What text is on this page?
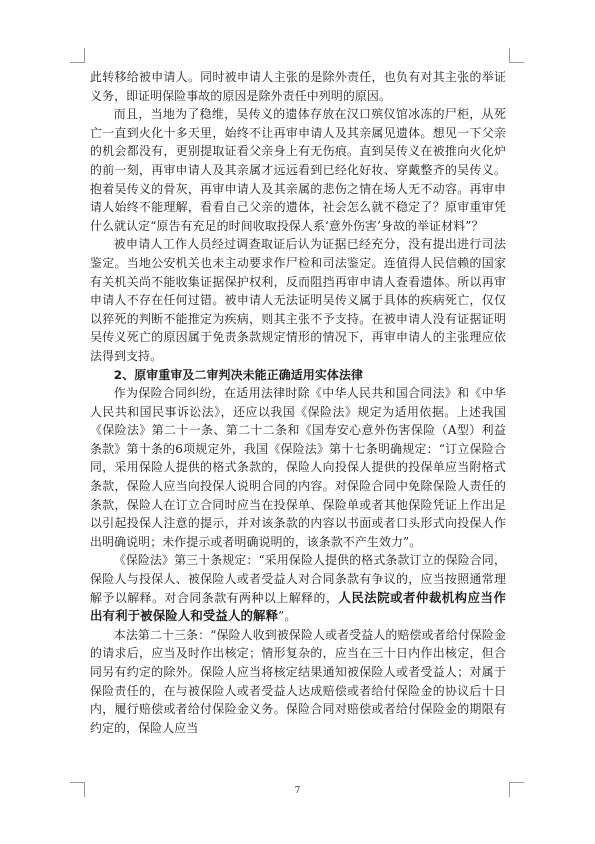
此转移给被申请人。同时被申请人主张的是除外责任，也负有对其主张的举证义务，即证明保险事故的原因是除外责任中列明的原因。

而且，当地为了稳维，吴传义的遗体存放在汉口殡仪馆冰冻的尸柜，从死亡一直到火化十多天里，始终不让再审申请人及其亲属见遗体。想见一下父亲的机会都没有，更别提取证看父亲身上有无伤痕。直到吴传义在被推向火化炉的前一刻，再审申请人及其亲属才远远看到已经化好妆、穿戴整齐的吴传义。抱着吴传义的骨灰，再审申请人及其亲属的悲伤之情在场人无不动容。再审申请人始终不能理解，看看自己父亲的遗体，社会怎么就不稳定了？原审重审凭什么就认定“原告有充足的时间收取投保人系‘意外伤害’身故的举证材料”？

被申请人工作人员经过调查取证后认为证据已经充分，没有提出进行司法鉴定。当地公安机关也未主动要求作尸检和司法鉴定。连值得人民信赖的国家有关机关尚不能收集证据保护权利，反而阻挡再审申请人查看遗体。所以再审申请人不存在任何过错。被申请人无法证明吴传义属于具体的疾病死亡，仅仅以猝死的判断不能推定为疾病，则其主张不予支持。在被申请人没有证据证明吴传义死亡的原因属于免责条款规定情形的情况下，再审申请人的主张理应依法得到支持。

2、原审重审及二审判决未能正确适用实体法律

作为保险合同纠纷，在适用法律时除《中华人民共和国合同法》和《中华人民共和国民事诉讼法》，还应以我国《保险法》规定为适用依据。上述我国《保险法》第二十一条、第二十二条和《国寿安心意外伤害保险（A型）利益条款》第十条的6项规定外，我国《保险法》第十七条明确规定：“订立保险合同，采用保险人提供的格式条款的，保险人向投保人提供的投保单应当附格式条款，保险人应当向投保人说明合同的内容。对保险合同中免除保险人责任的条款，保险人在订立合同时应当在投保单、保险单或者其他保险凭证上作出足以引起投保人注意的提示，并对该条款的内容以书面或者口头形式向投保人作出明确说明；未作提示或者明确说明的，该条款不产生效力”。

《保险法》第三十条规定：“采用保险人提供的格式条款订立的保险合同，保险人与投保人、被保险人或者受益人对合同条款有争议的，应当按照通常理解予以解释。对合同条款有两种以上解释的，人民法院或者仲裁机构应当作出有利于被保险人和受益人的解释”。

本法第二十三条：“保险人收到被保险人或者受益人的赔偿或者给付保险金的请求后，应当及时作出核定；情形复杂的，应当在三十日内作出核定，但合同另有约定的除外。保险人应当将核定结果通知被保险人或者受益人；对属于保险责任的，在与被保险人或者受益人达成赔偿或者给付保险金的协议后十日内，履行赔偿或者给付保险金义务。保险合同对赔偿或者给付保险金的期限有约定的，保险人应当

7
